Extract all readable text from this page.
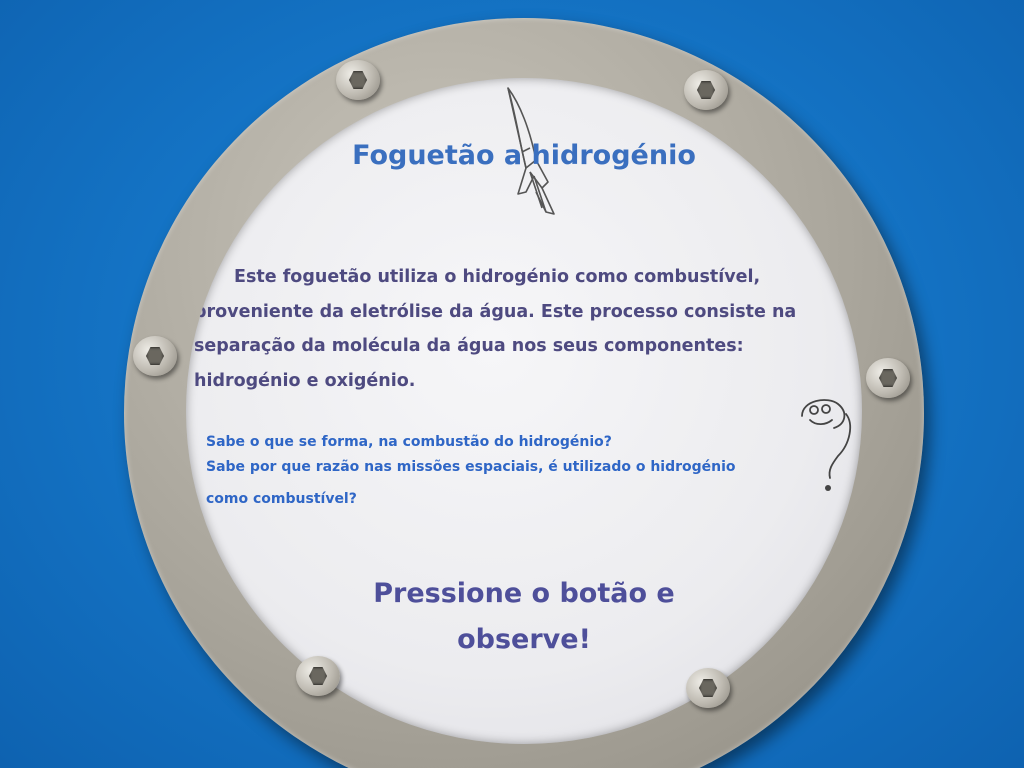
Foguetão a hidrogénio

Este foguetão utiliza o hidrogénio como combustível, proveniente da eletrólise da água. Este processo consiste na separação da molécula da água nos seus componentes: hidrogénio e oxigénio.

Sabe o que se forma, na combustão do hidrogénio?

Sabe por que razão nas missões espaciais, é utilizado o hidrogénio

como combustível?

Pressione o botão e

observe!
